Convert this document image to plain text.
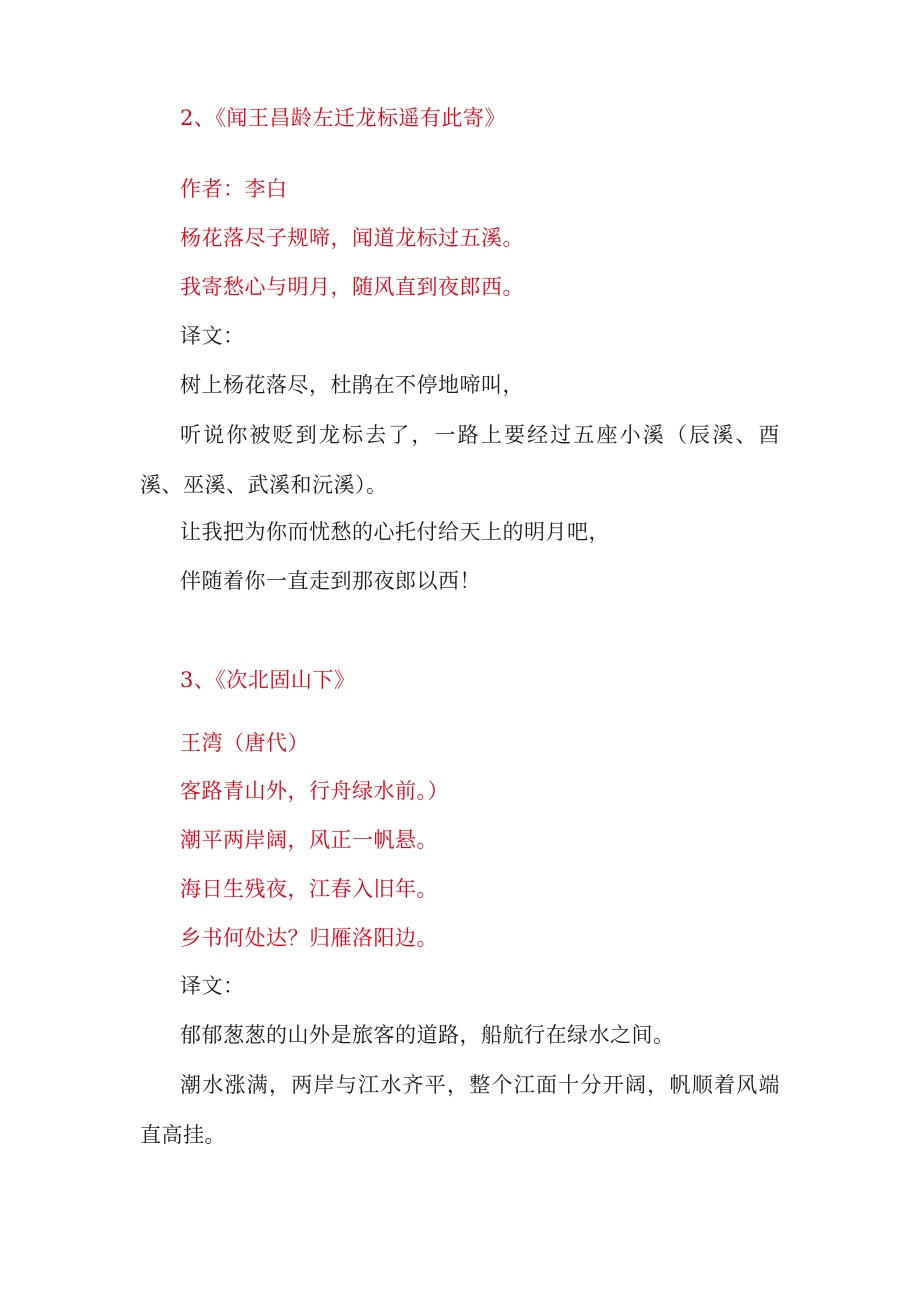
2、《闻王昌龄左迁龙标遥有此寄》
作者：李白
杨花落尽子规啼，闻道龙标过五溪。
我寄愁心与明月，随风直到夜郎西。
译文：
树上杨花落尽，杜鹃在不停地啼叫，
听说你被贬到龙标去了，一路上要经过五座小溪（辰溪、酉溪、巫溪、武溪和沅溪）。
让我把为你而忧愁的心托付给天上的明月吧，
伴随着你一直走到那夜郎以西！
3、《次北固山下》
王湾（唐代）
客路青山外，行舟绿水前。）
潮平两岸阔，风正一帆悬。
海日生残夜，江春入旧年。
乡书何处达？归雁洛阳边。
译文：
郁郁葱葱的山外是旅客的道路，船航行在绿水之间。
潮水涨满，两岸与江水齐平，整个江面十分开阔，帆顺着风端直高挂。
